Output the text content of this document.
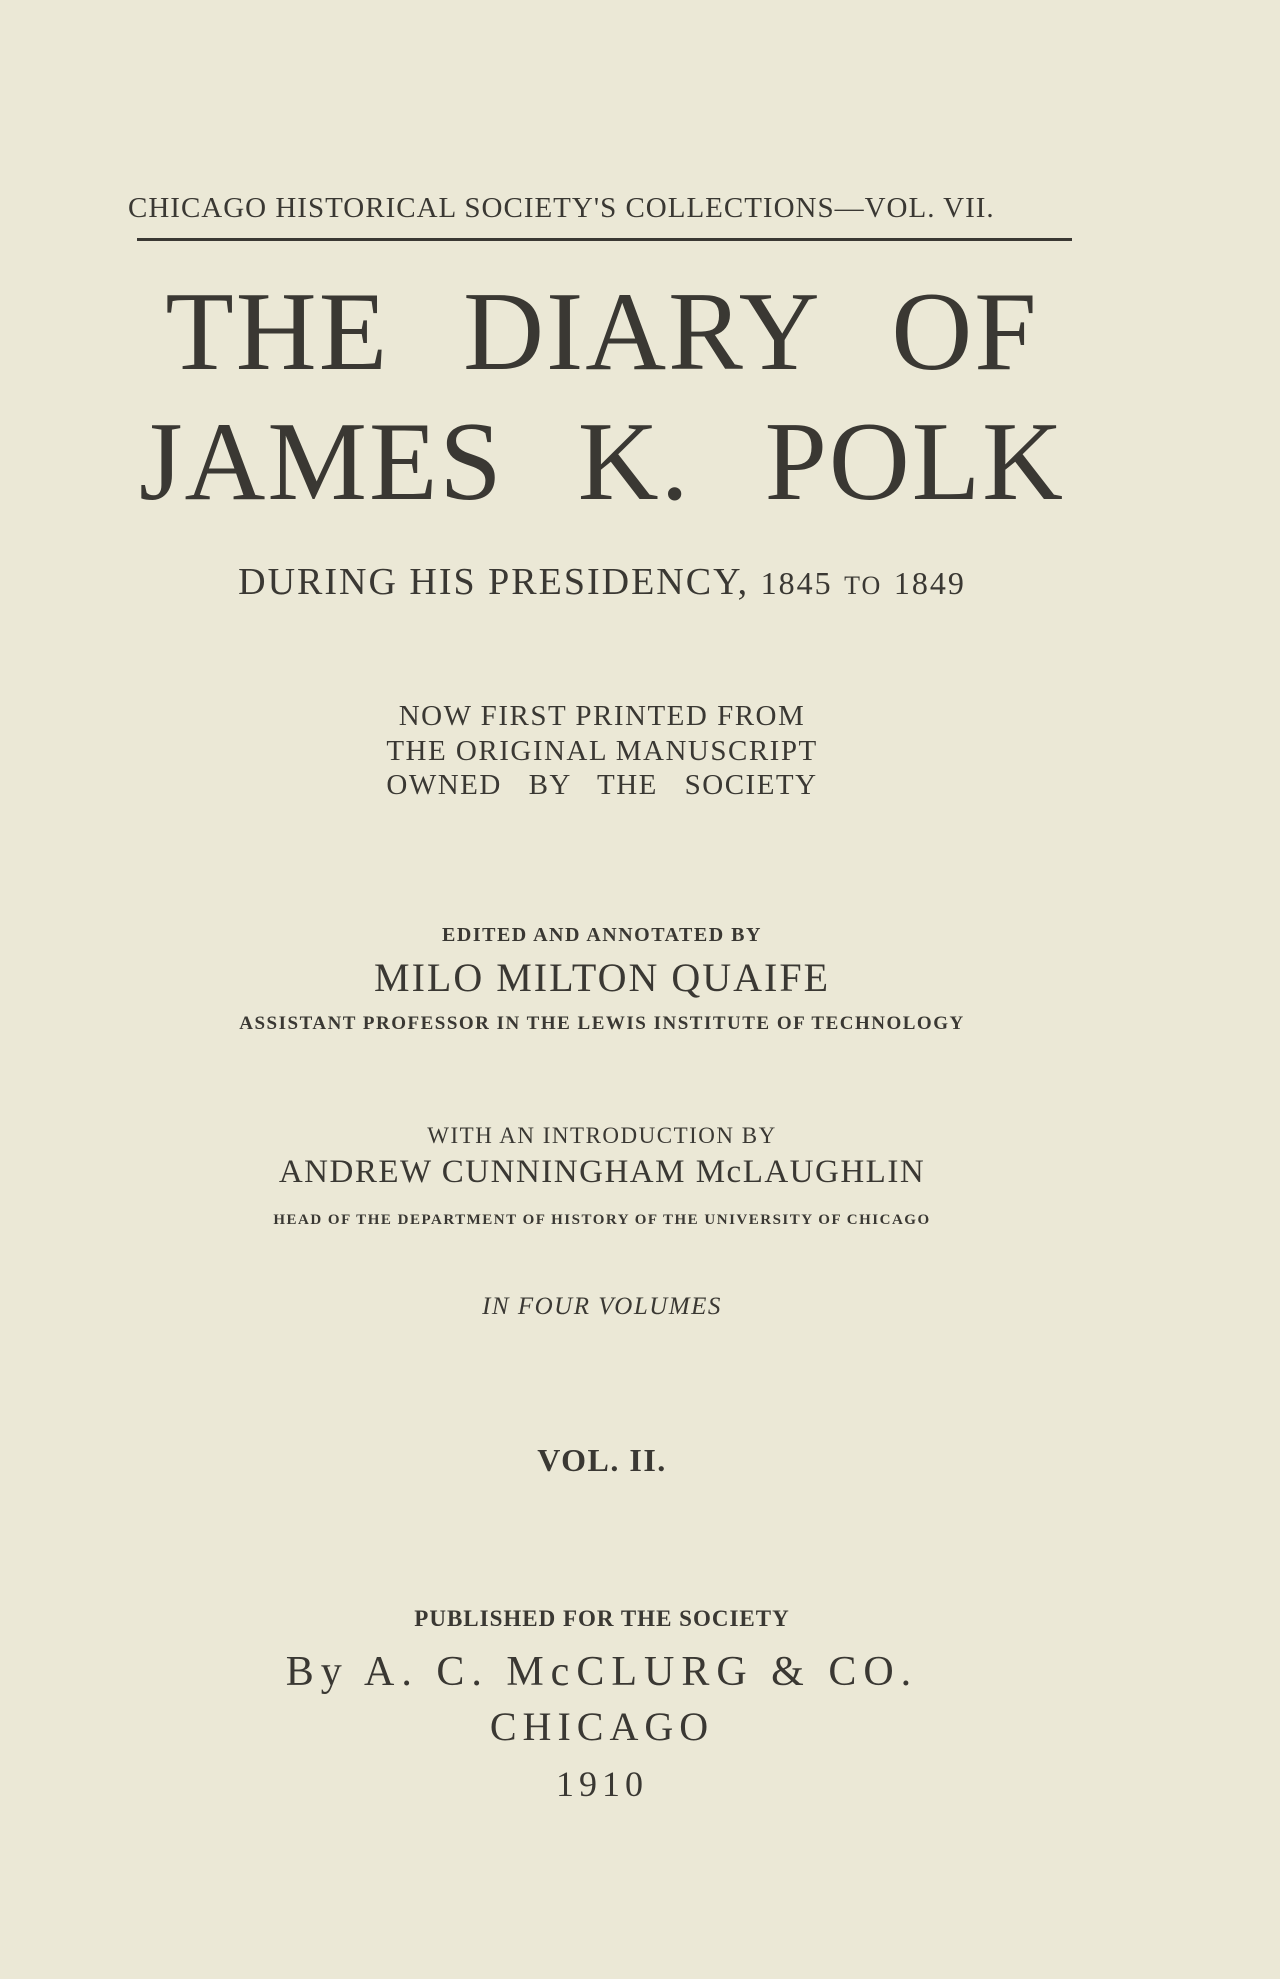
CHICAGO HISTORICAL SOCIETY'S COLLECTIONS—VOL. VII.
THE DIARY OF
JAMES K. POLK
DURING HIS PRESIDENCY, 1845 TO 1849
NOW FIRST PRINTED FROM
THE ORIGINAL MANUSCRIPT
OWNED BY THE SOCIETY
EDITED AND ANNOTATED BY
MILO MILTON QUAIFE
ASSISTANT PROFESSOR IN THE LEWIS INSTITUTE OF TECHNOLOGY
WITH AN INTRODUCTION BY
ANDREW CUNNINGHAM McLAUGHLIN
HEAD OF THE DEPARTMENT OF HISTORY OF THE UNIVERSITY OF CHICAGO
IN FOUR VOLUMES
VOL. II.
PUBLISHED FOR THE SOCIETY
By A. C. McCLURG & CO.
CHICAGO
1910
